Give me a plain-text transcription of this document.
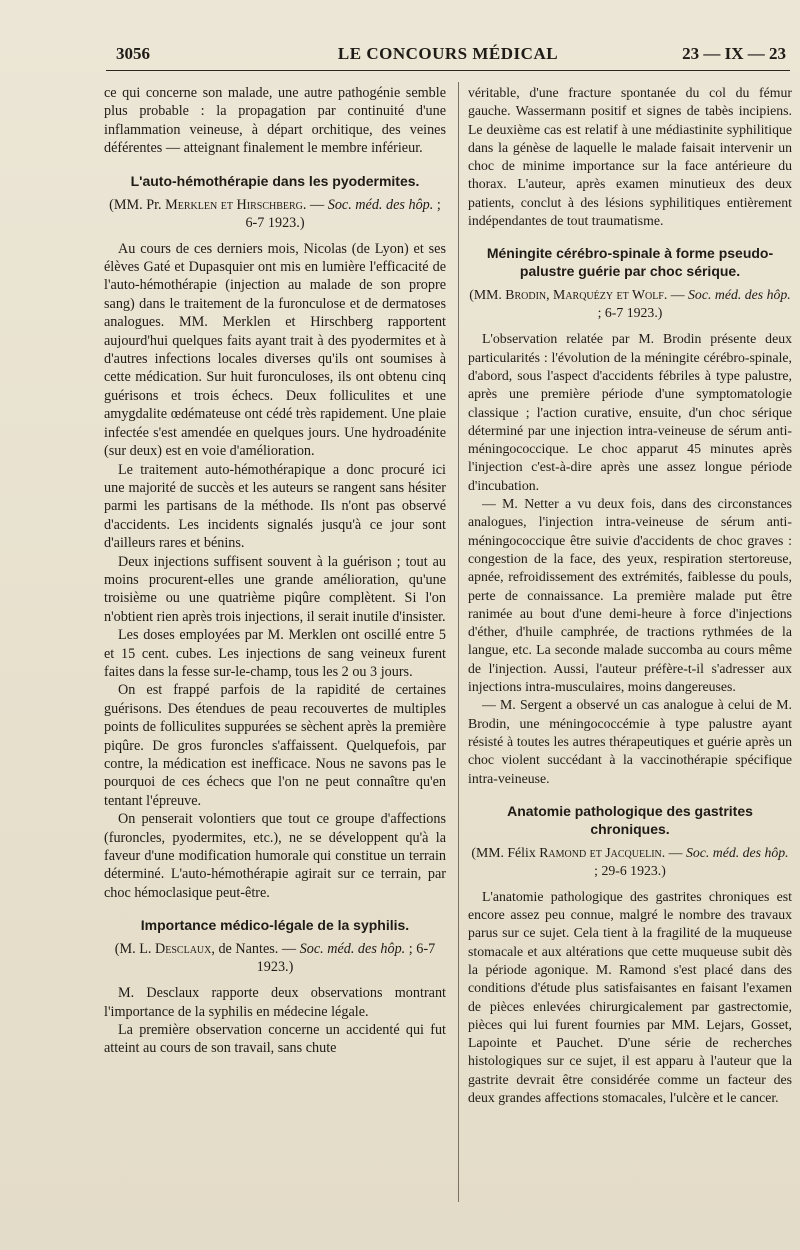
3056	LE CONCOURS MÉDICAL	23 — IX — 23

ce qui concerne son malade, une autre pathogénie semble plus probable : la propagation par continuité d'une inflammation veineuse, à départ orchitique, des veines déférentes — atteignant finalement le membre inférieur.

L'auto-hémothérapie dans les pyodermites.
(MM. Pr. Merklen et Hirschberg. — Soc. méd. des hôp. ; 6-7 1923.)

Au cours de ces derniers mois, Nicolas (de Lyon) et ses élèves Gaté et Dupasquier ont mis en lumière l'efficacité de l'auto-hémothérapie (injection au malade de son propre sang) dans le traitement de la furonculose et de dermatoses analogues. MM. Merklen et Hirschberg rapportent aujourd'hui quelques faits ayant trait à des pyodermites et à d'autres infections locales diverses qu'ils ont soumises à cette médication. Sur huit furonculoses, ils ont obtenu cinq guérisons et trois échecs. Deux folliculites et une amygdalite œdémateuse ont cédé très rapidement. Une plaie infectée s'est amendée en quelques jours. Une hydroadénite (sur deux) est en voie d'amélioration.

Le traitement auto-hémothérapique a donc procuré ici une majorité de succès et les auteurs se rangent sans hésiter parmi les partisans de la méthode. Ils n'ont pas observé d'accidents. Les incidents signalés jusqu'à ce jour sont d'ailleurs rares et bénins.

Deux injections suffisent souvent à la guérison ; tout au moins procurent-elles une grande amélioration, qu'une troisième ou une quatrième piqûre complètent. Si l'on n'obtient rien après trois injections, il serait inutile d'insister.

Les doses employées par M. Merklen ont oscillé entre 5 et 15 cent. cubes. Les injections de sang veineux furent faites dans la fesse sur-le-champ, tous les 2 ou 3 jours.

On est frappé parfois de la rapidité de certaines guérisons. Des étendues de peau recouvertes de multiples points de folliculites suppurées se sèchent après la première piqûre. De gros furoncles s'affaissent. Quelquefois, par contre, la médication est inefficace. Nous ne savons pas le pourquoi de ces échecs que l'on ne peut connaître qu'en tentant l'épreuve.

On penserait volontiers que tout ce groupe d'affections (furoncles, pyodermites, etc.), ne se développent qu'à la faveur d'une modification humorale qui constitue un terrain déterminé. L'auto-hémothérapie agirait sur ce terrain, par choc hémoclasique peut-être.

Importance médico-légale de la syphilis.
(M. L. Desclaux, de Nantes. — Soc. méd. des hôp. ; 6-7 1923.)

M. Desclaux rapporte deux observations montrant l'importance de la syphilis en médecine légale.

La première observation concerne un accidenté qui fut atteint au cours de son travail, sans chute

véritable, d'une fracture spontanée du col du fémur gauche. Wassermann positif et signes de tabès incipiens. Le deuxième cas est relatif à une médiastinite syphilitique dans la génèse de laquelle le malade faisait intervenir un choc de minime importance sur la face antérieure du thorax. L'auteur, après examen minutieux des deux patients, conclut à des lésions syphilitiques entièrement indépendantes de tout traumatisme.

Méningite cérébro-spinale à forme pseudo-palustre guérie par choc sérique.
(MM. Brodin, Marquézy et Wolf. — Soc. méd. des hôp. ; 6-7 1923.)

L'observation relatée par M. Brodin présente deux particularités : l'évolution de la méningite cérébro-spinale, d'abord, sous l'aspect d'accidents fébriles à type palustre, après une première période d'une symptomatologie classique ; l'action curative, ensuite, d'un choc sérique déterminé par une injection intra-veineuse de sérum anti-méningococcique. Le choc apparut 45 minutes après l'injection c'est-à-dire après une assez longue période d'incubation.

— M. Netter a vu deux fois, dans des circonstances analogues, l'injection intra-veineuse de sérum anti-méningococcique être suivie d'accidents de choc graves : congestion de la face, des yeux, respiration stertoreuse, apnée, refroidissement des extrémités, faiblesse du pouls, perte de connaissance. La première malade put être ranimée au bout d'une demi-heure à force d'injections d'éther, d'huile camphrée, de tractions rythmées de la langue, etc. La seconde malade succomba au cours même de l'injection. Aussi, l'auteur préfère-t-il s'adresser aux injections intra-musculaires, moins dangereuses.

— M. Sergent a observé un cas analogue à celui de M. Brodin, une méningococcémie à type palustre ayant résisté à toutes les autres thérapeutiques et guérie après un choc violent succédant à la vaccinothérapie spécifique intra-veineuse.

Anatomie pathologique des gastrites chroniques.
(MM. Félix Ramond et Jacquelin. — Soc. méd. des hôp. ; 29-6 1923.)

L'anatomie pathologique des gastrites chroniques est encore assez peu connue, malgré le nombre des travaux parus sur ce sujet. Cela tient à la fragilité de la muqueuse stomacale et aux altérations que cette muqueuse subit dès la période agonique. M. Ramond s'est placé dans des conditions d'étude plus satisfaisantes en faisant l'examen de pièces enlevées chirurgicalement par gastrectomie, pièces qui lui furent fournies par MM. Lejars, Gosset, Lapointe et Pauchet. D'une série de recherches histologiques sur ce sujet, il est apparu à l'auteur que la gastrite devrait être considérée comme un facteur des deux grandes affections stomacales, l'ulcère et le cancer.
